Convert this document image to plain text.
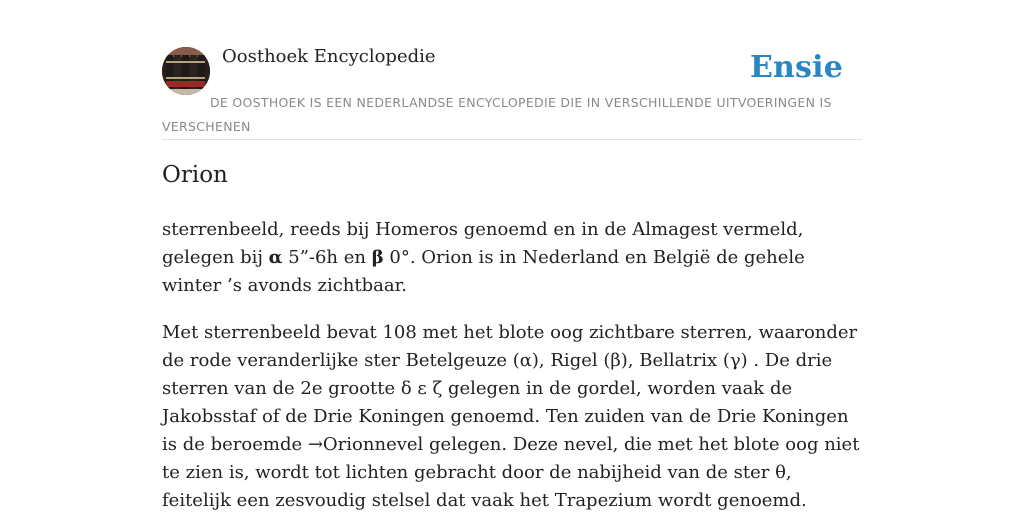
Oosthoek Encyclopedie	Ensie
DE OOSTHOEK IS EEN NEDERLANDSE ENCYCLOPEDIE DIE IN VERSCHILLENDE UITVOERINGEN IS VERSCHENEN
Orion

sterrenbeeld, reeds bij Homeros genoemd en in de Almagest vermeld, gelegen bij α 5”-6h en β 0°. Orion is in Nederland en België de gehele winter ’s avonds zichtbaar.

Met sterrenbeeld bevat 108 met het blote oog zichtbare sterren, waaronder de rode veranderlijke ster Betelgeuze (α), Rigel (β), Bellatrix (γ) . De drie sterren van de 2e grootte δ ε ζ gelegen in de gordel, worden vaak de Jakobsstaf of de Drie Koningen genoemd. Ten zuiden van de Drie Koningen is de beroemde →Orionnevel gelegen. Deze nevel, die met het blote oog niet te zien is, wordt tot lichten gebracht door de nabijheid van de ster θ, feitelijk een zesvoudig stelsel dat vaak het Trapezium wordt genoemd.
